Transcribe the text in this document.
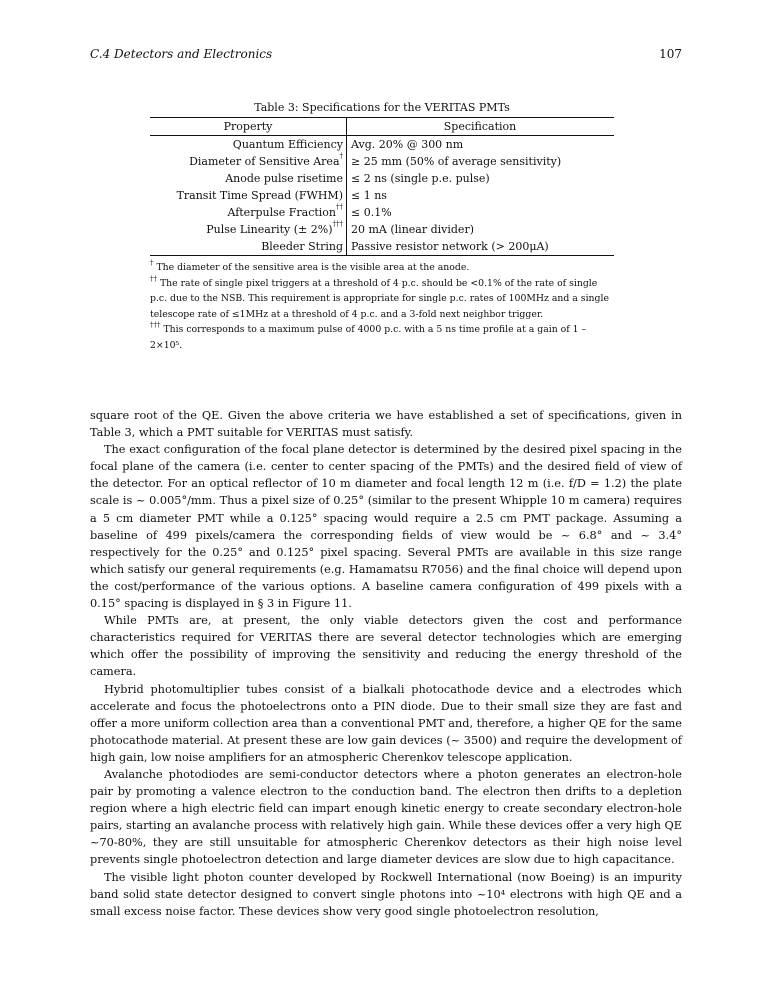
C.4 Detectors and Electronics	107
Table 3: Specifications for the VERITAS PMTs
Property	Specification
Quantum Efficiency Avg. 20% @ 300 nm
Diameter of Sensitive Area† ≥ 25 mm (50% of average sensitivity)
Anode pulse risetime ≤ 2 ns (single p.e. pulse)
Transit Time Spread (FWHM) ≤ 1 ns
Afterpulse Fraction†† ≤ 0.1%
Pulse Linearity (± 2%)††† 20 mA (linear divider)
Bleeder String Passive resistor network (> 200μA)

† The diameter of the sensitive area is the visible area at the anode.

†† The rate of single pixel triggers at a threshold of 4 p.c. should be <0.1% of the rate of single p.c. due to the NSB. This requirement is appropriate for single p.c. rates of 100MHz and a single telescope rate of ≤1MHz at a threshold of 4 p.c. and a 3-fold next neighbor trigger.

††† This corresponds to a maximum pulse of 4000 p.c. with a 5 ns time profile at a gain of 1 – 2×10⁵.

square root of the QE. Given the above criteria we have established a set of specifications, given in Table 3, which a PMT suitable for VERITAS must satisfy.

The exact configuration of the focal plane detector is determined by the desired pixel spacing in the focal plane of the camera (i.e. center to center spacing of the PMTs) and the desired field of view of the detector. For an optical reflector of 10 m diameter and focal length 12 m (i.e. f/D = 1.2) the plate scale is ~ 0.005°/mm. Thus a pixel size of 0.25° (similar to the present Whipple 10 m camera) requires a 5 cm diameter PMT while a 0.125° spacing would require a 2.5 cm PMT package. Assuming a baseline of 499 pixels/camera the corresponding fields of view would be ~ 6.8° and ~ 3.4° respectively for the 0.25° and 0.125° pixel spacing. Several PMTs are available in this size range which satisfy our general requirements (e.g. Hamamatsu R7056) and the final choice will depend upon the cost/performance of the various options. A baseline camera configuration of 499 pixels with a 0.15° spacing is displayed in § 3 in Figure 11.

While PMTs are, at present, the only viable detectors given the cost and performance characteristics required for VERITAS there are several detector technologies which are emerging which offer the possibility of improving the sensitivity and reducing the energy threshold of the camera.

Hybrid photomultiplier tubes consist of a bialkali photocathode device and a electrodes which accelerate and focus the photoelectrons onto a PIN diode. Due to their small size they are fast and offer a more uniform collection area than a conventional PMT and, therefore, a higher QE for the same photocathode material. At present these are low gain devices (~ 3500) and require the development of high gain, low noise amplifiers for an atmospheric Cherenkov telescope application.

Avalanche photodiodes are semi-conductor detectors where a photon generates an electron-hole pair by promoting a valence electron to the conduction band. The electron then drifts to a depletion region where a high electric field can impart enough kinetic energy to create secondary electron-hole pairs, starting an avalanche process with relatively high gain. While these devices offer a very high QE ~70-80%, they are still unsuitable for atmospheric Cherenkov detectors as their high noise level prevents single photoelectron detection and large diameter devices are slow due to high capacitance.

The visible light photon counter developed by Rockwell International (now Boeing) is an impurity band solid state detector designed to convert single photons into ~10⁴ electrons with high QE and a small excess noise factor. These devices show very good single photoelectron resolution,
